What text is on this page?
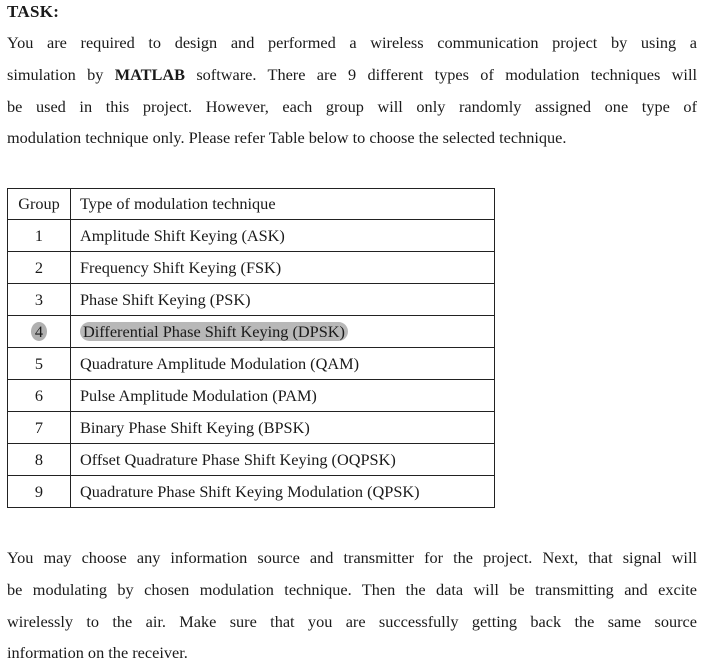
TASK:
You are required to design and performed a wireless communication project by using a
simulation by MATLAB software. There are 9 different types of modulation techniques will
be used in this project. However, each group will only randomly assigned one type of
modulation technique only. Please refer Table below to choose the selected technique.
Group	Type of modulation technique
1	Amplitude Shift Keying (ASK)
2	Frequency Shift Keying (FSK)
3	Phase Shift Keying (PSK)
4	Differential Phase Shift Keying (DPSK)
5	Quadrature Amplitude Modulation (QAM)
6	Pulse Amplitude Modulation (PAM)
7	Binary Phase Shift Keying (BPSK)
8	Offset Quadrature Phase Shift Keying (OQPSK)
9	Quadrature Phase Shift Keying Modulation (QPSK)
You may choose any information source and transmitter for the project. Next, that signal will
be modulating by chosen modulation technique. Then the data will be transmitting and excite
wirelessly to the air. Make sure that you are successfully getting back the same source
information on the receiver.
